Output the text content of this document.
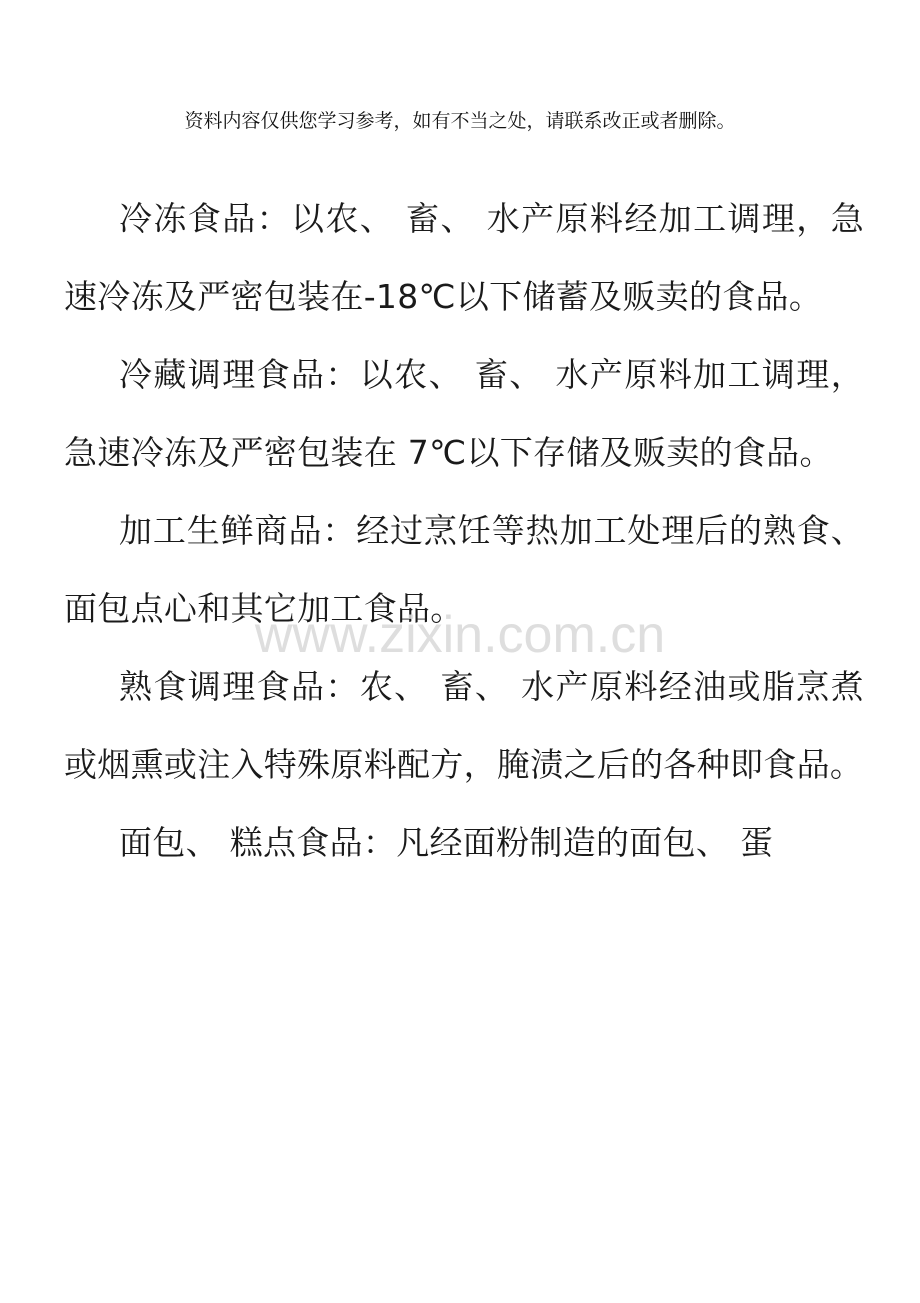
资料内容仅供您学习参考，如有不当之处，请联系改正或者删除。

冷冻食品：以农、 畜、 水产原料经加工调理，急速冷冻及严密包装在-18℃以下储蓄及贩卖的食品。

冷藏调理食品：以农、 畜、 水产原料加工调理，急速冷冻及严密包装在 7℃以下存储及贩卖的食品。

加工生鲜商品：经过烹饪等热加工处理后的熟食、 面包点心和其它加工食品。

熟食调理食品：农、 畜、 水产原料经油或脂烹煮或烟熏或注入特殊原料配方，腌渍之后的各种即食品。

面包、 糕点食品：凡经面粉制造的面包、 蛋

www.zixin.com.cn
